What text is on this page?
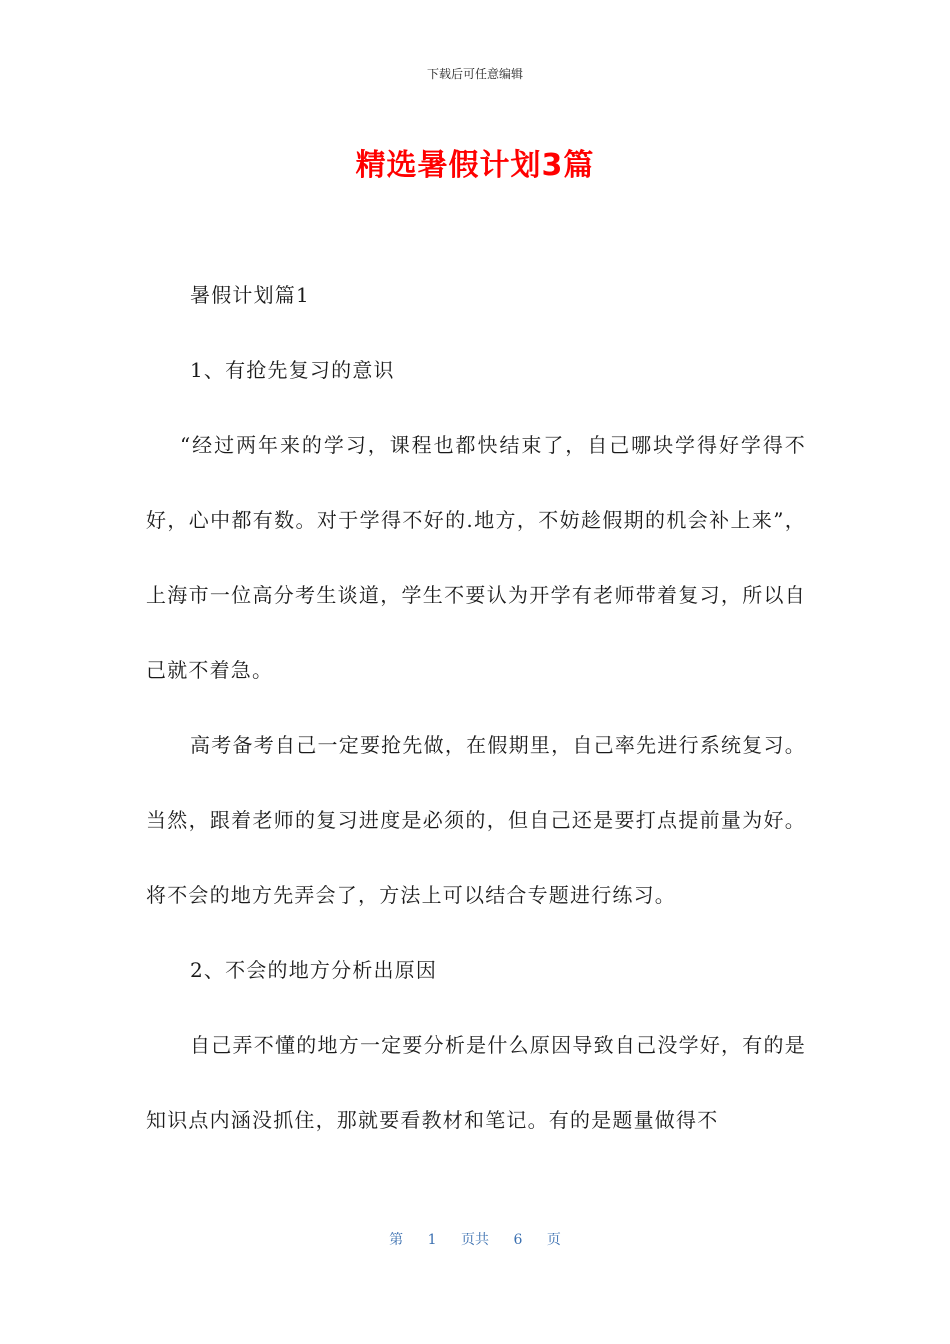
下载后可任意编辑
精选暑假计划3篇

暑假计划篇1

1、有抢先复习的意识

“经过两年来的学习，课程也都快结束了，自己哪块学得好学得不好，心中都有数。对于学得不好的.地方，不妨趁假期的机会补上来”，上海市一位高分考生谈道，学生不要认为开学有老师带着复习，所以自己就不着急。

高考备考自己一定要抢先做，在假期里，自己率先进行系统复习。当然，跟着老师的复习进度是必须的，但自己还是要打点提前量为好。将不会的地方先弄会了，方法上可以结合专题进行练习。

2、不会的地方分析出原因

自己弄不懂的地方一定要分析是什么原因导致自己没学好，有的是知识点内涵没抓住，那就要看教材和笔记。有的是题量做得不

第 1 页共 6 页
